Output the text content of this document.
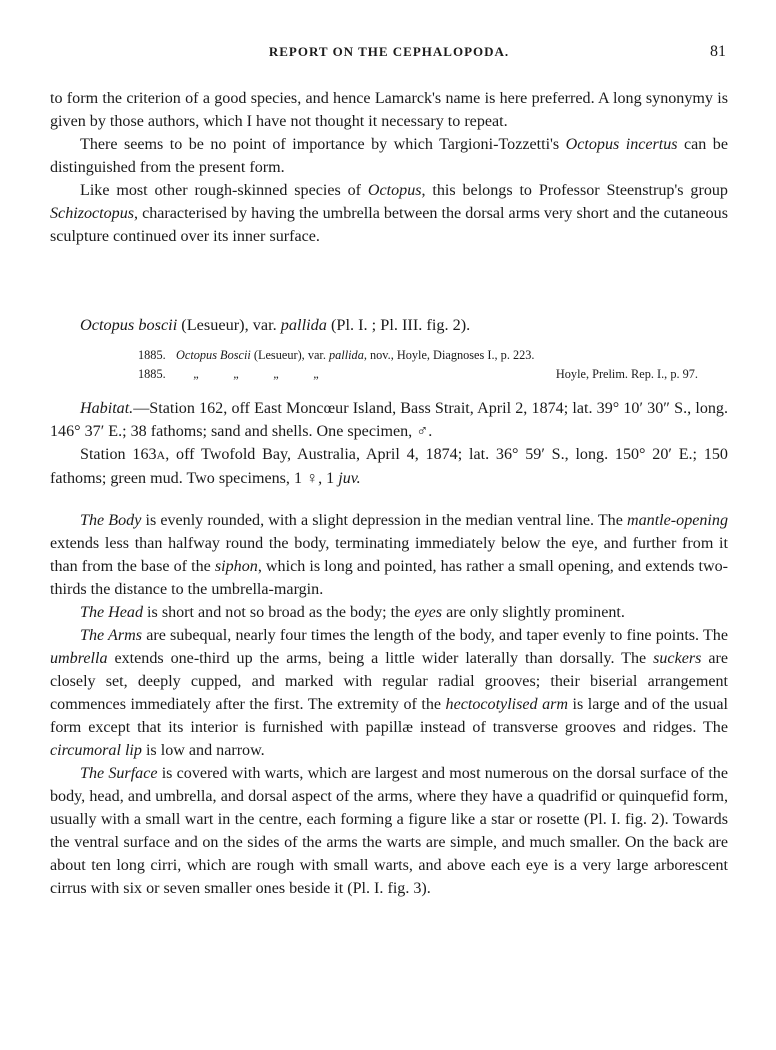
REPORT ON THE CEPHALOPODA.	81

to form the criterion of a good species, and hence Lamarck's name is here preferred. A long synonymy is given by those authors, which I have not thought it necessary to repeat.

There seems to be no point of importance by which Targioni-Tozzetti's Octopus incertus can be distinguished from the present form.

Like most other rough-skinned species of Octopus, this belongs to Professor Steenstrup's group Schizoctopus, characterised by having the umbrella between the dorsal arms very short and the cutaneous sculpture continued over its inner surface.

Octopus boscii (Lesueur), var. pallida (Pl. I. ; Pl. III. fig. 2).
1885. Octopus Boscii (Lesueur), var. pallida, nov., Hoyle, Diagnoses I., p. 223.
1885. „	„	„	„	Hoyle, Prelim. Rep. I., p. 97.

Habitat.—Station 162, off East Moncœur Island, Bass Strait, April 2, 1874; lat. 39° 10′ 30″ S., long. 146° 37′ E.; 38 fathoms; sand and shells. One specimen, ♂.

Station 163A, off Twofold Bay, Australia, April 4, 1874; lat. 36° 59′ S., long. 150° 20′ E.; 150 fathoms; green mud. Two specimens, 1 ♀, 1 juv.

The Body is evenly rounded, with a slight depression in the median ventral line. The mantle-opening extends less than halfway round the body, terminating immediately below the eye, and further from it than from the base of the siphon, which is long and pointed, has rather a small opening, and extends two-thirds the distance to the umbrella-margin.

The Head is short and not so broad as the body; the eyes are only slightly prominent.

The Arms are subequal, nearly four times the length of the body, and taper evenly to fine points. The umbrella extends one-third up the arms, being a little wider laterally than dorsally. The suckers are closely set, deeply cupped, and marked with regular radial grooves; their biserial arrangement commences immediately after the first. The extremity of the hectocotylised arm is large and of the usual form except that its interior is furnished with papillæ instead of transverse grooves and ridges. The circumoral lip is low and narrow.

The Surface is covered with warts, which are largest and most numerous on the dorsal surface of the body, head, and umbrella, and dorsal aspect of the arms, where they have a quadrifid or quinquefid form, usually with a small wart in the centre, each forming a figure like a star or rosette (Pl. I. fig. 2). Towards the ventral surface and on the sides of the arms the warts are simple, and much smaller. On the back are about ten long cirri, which are rough with small warts, and above each eye is a very large arborescent cirrus with six or seven smaller ones beside it (Pl. I. fig. 3).
